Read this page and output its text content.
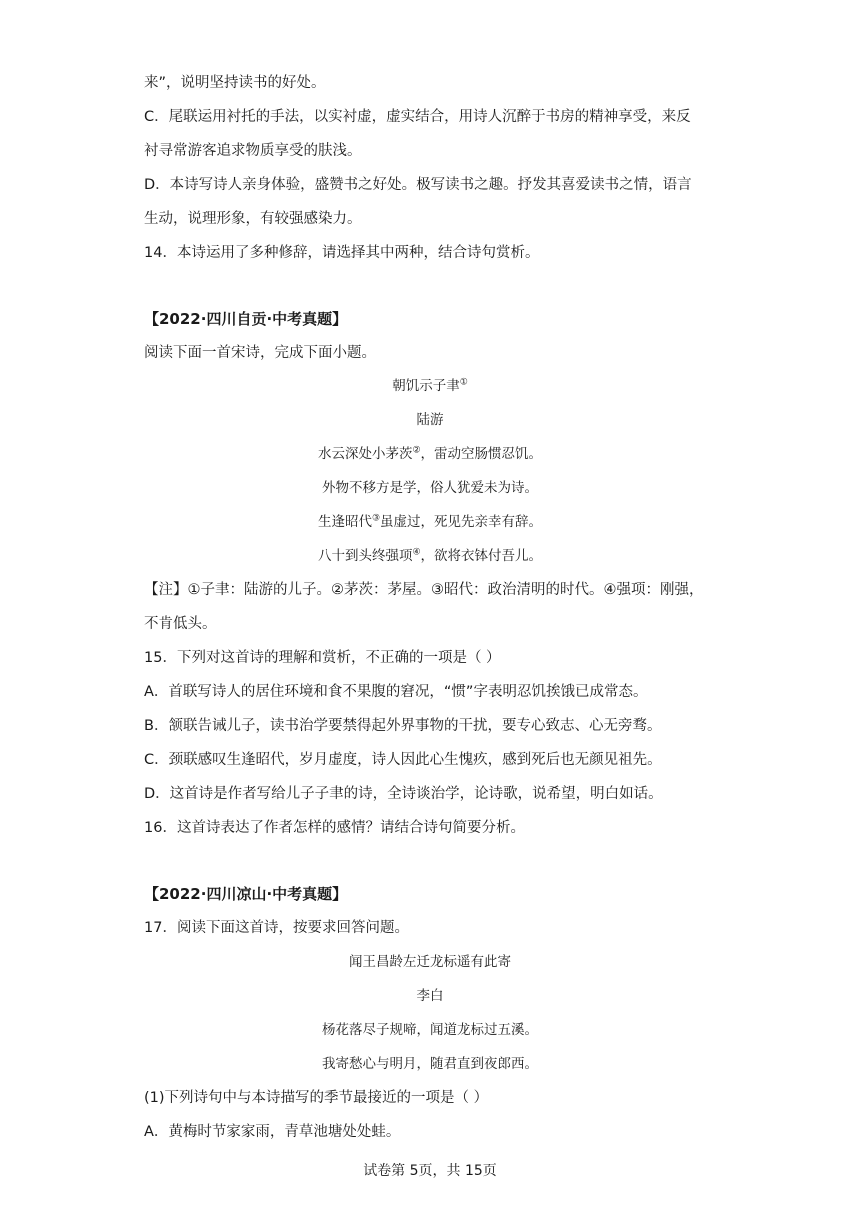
来”，说明坚持读书的好处。
C．尾联运用衬托的手法，以实衬虚，虚实结合，用诗人沉醉于书房的精神享受，来反
衬寻常游客追求物质享受的肤浅。
D．本诗写诗人亲身体验，盛赞书之好处。极写读书之趣。抒发其喜爱读书之情，语言
生动，说理形象，有较强感染力。
14．本诗运用了多种修辞，请选择其中两种，结合诗句赏析。
【2022·四川自贡·中考真题】
阅读下面一首宋诗，完成下面小题。
朝饥示子聿①
陆游
水云深处小茅茨②，雷动空肠惯忍饥。
外物不移方是学，俗人犹爱未为诗。
生逢昭代③虽虚过，死见先亲幸有辞。
八十到头终强项④，欲将衣钵付吾儿。
【注】①子聿：陆游的儿子。②茅茨：茅屋。③昭代：政治清明的时代。④强项：刚强，
不肯低头。
15．下列对这首诗的理解和赏析，不正确的一项是（ ）
A．首联写诗人的居住环境和食不果腹的窘况，“惯”字表明忍饥挨饿已成常态。
B．颔联告诫儿子，读书治学要禁得起外界事物的干扰，要专心致志、心无旁骛。
C．颈联感叹生逢昭代，岁月虚度，诗人因此心生愧疚，感到死后也无颜见祖先。
D．这首诗是作者写给儿子子聿的诗，全诗谈治学，论诗歌，说希望，明白如话。
16．这首诗表达了作者怎样的感情？请结合诗句简要分析。
【2022·四川凉山·中考真题】
17．阅读下面这首诗，按要求回答问题。
闻王昌龄左迁龙标遥有此寄
李白
杨花落尽子规啼，闻道龙标过五溪。
我寄愁心与明月，随君直到夜郎西。
(1)下列诗句中与本诗描写的季节最接近的一项是（ ）
A．黄梅时节家家雨，青草池塘处处蛙。
试卷第 5页，共 15页
